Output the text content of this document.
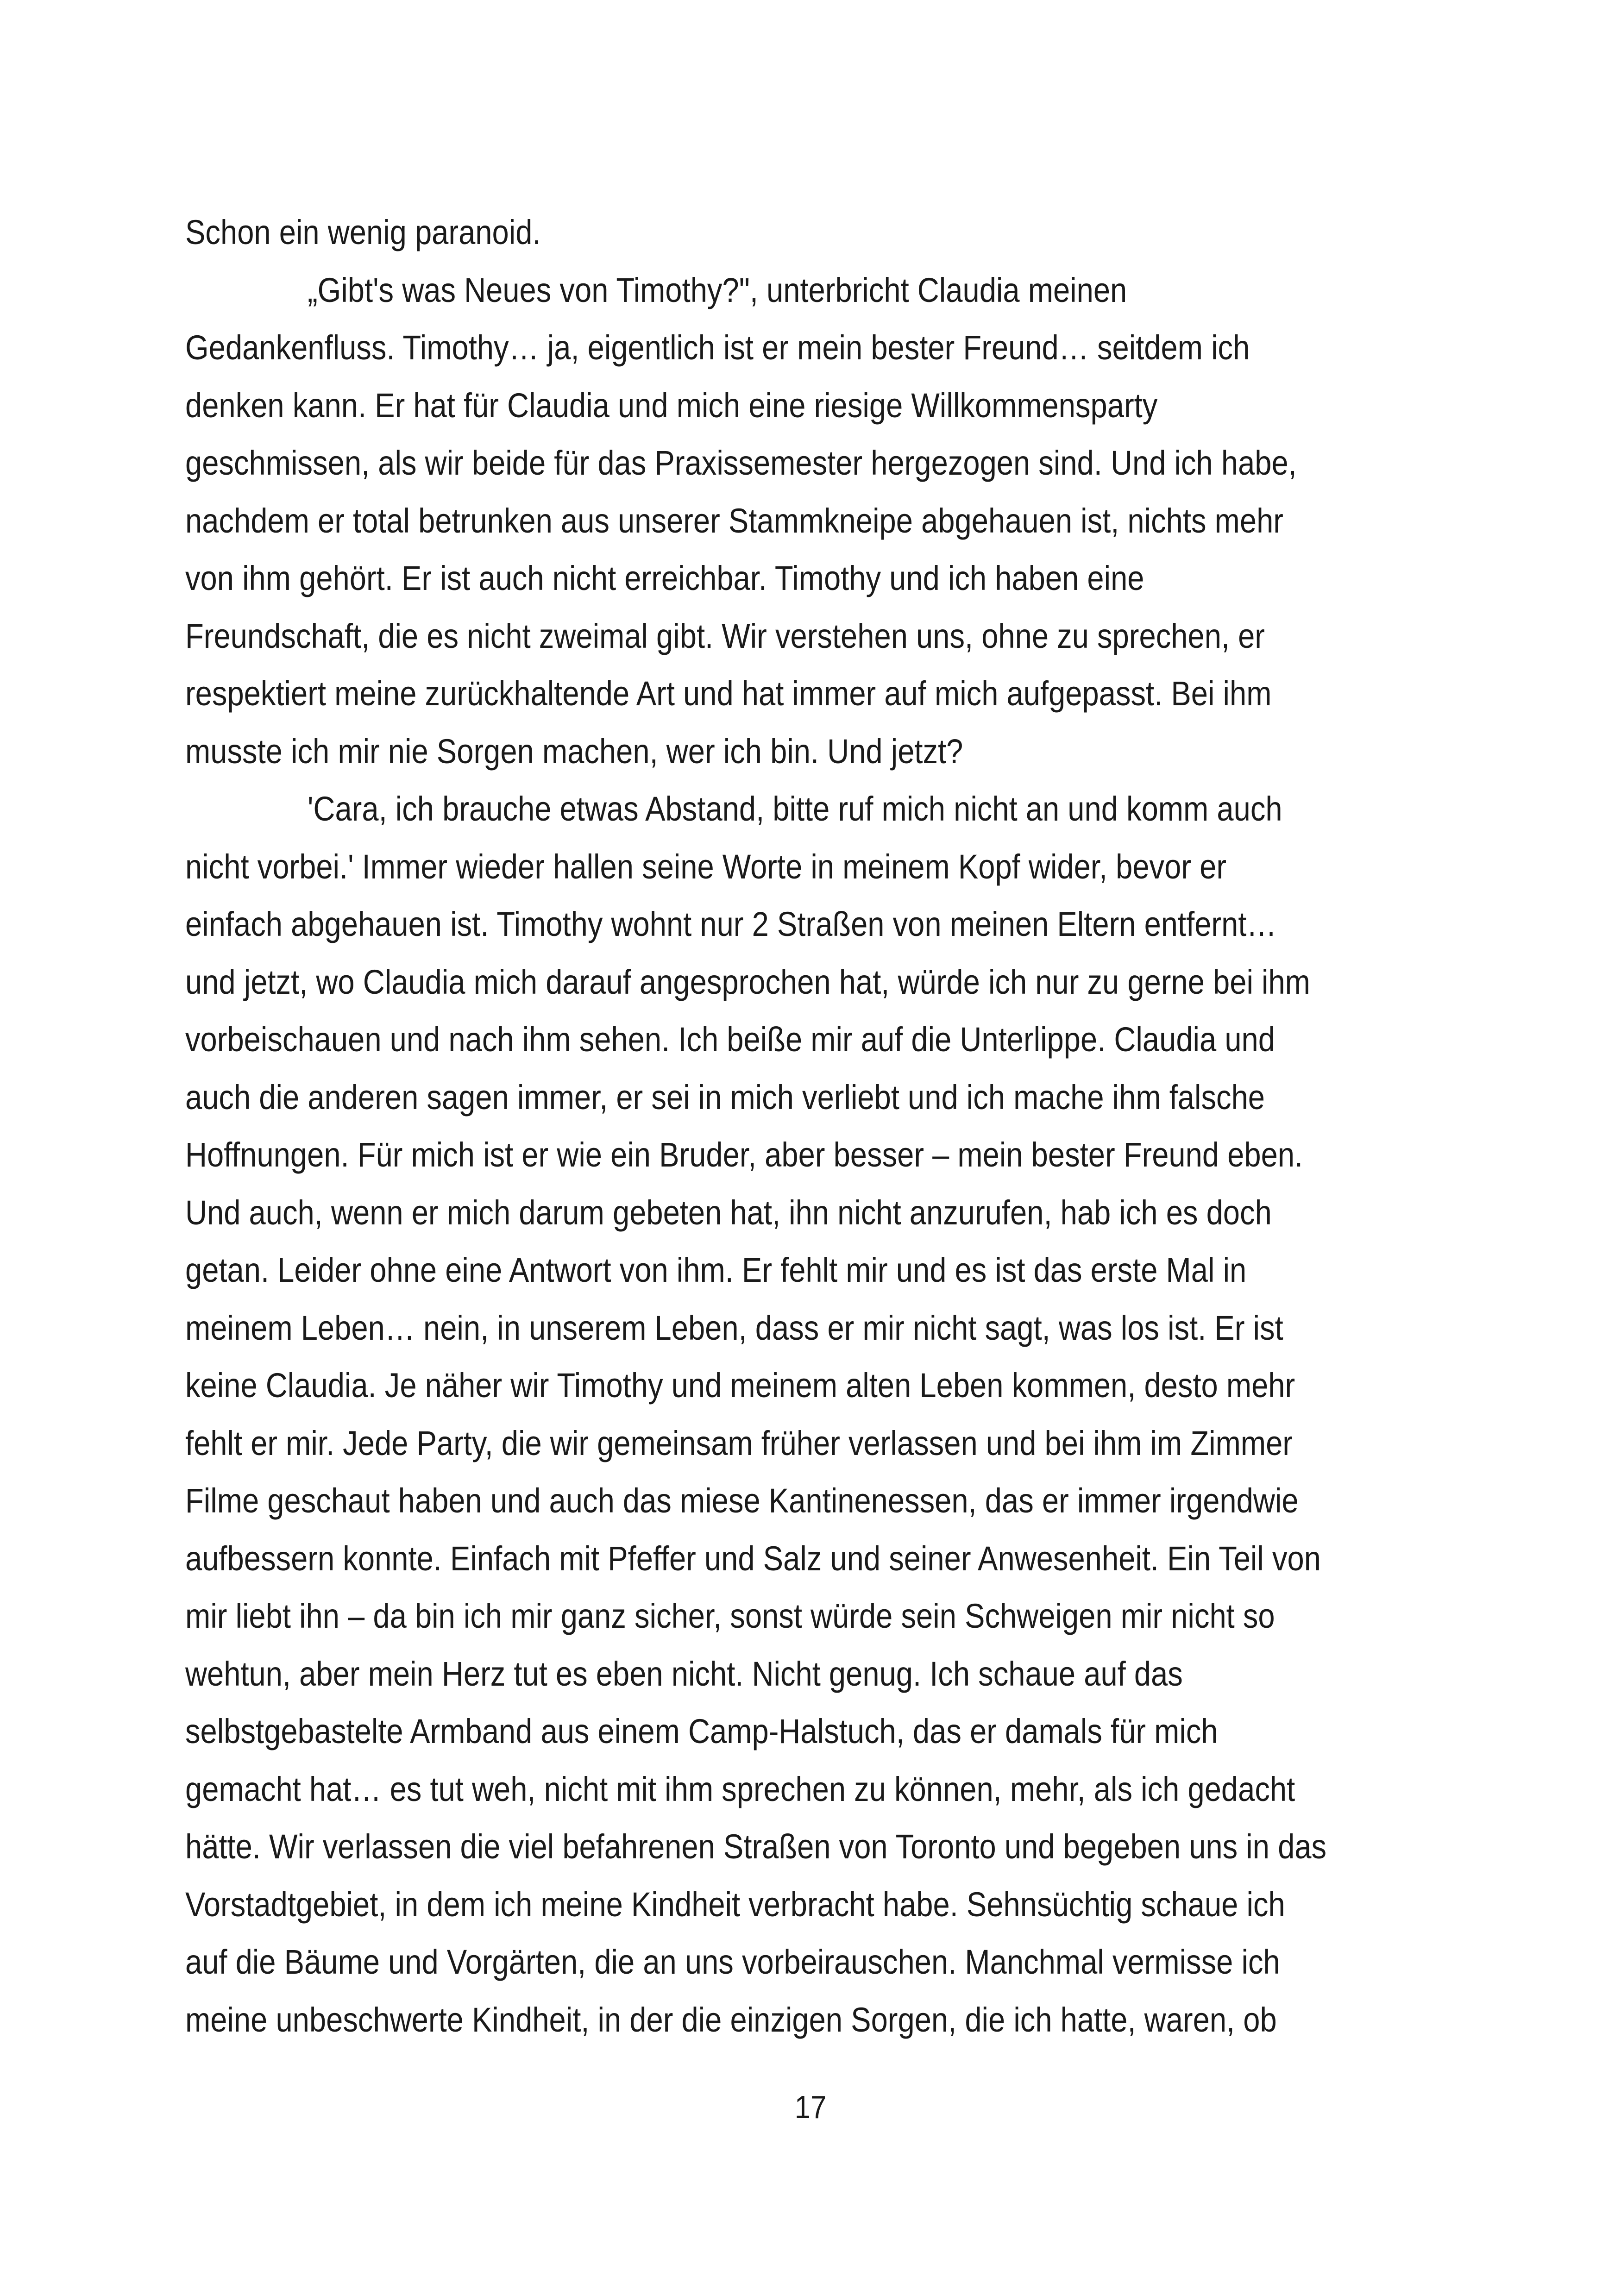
Schon ein wenig paranoid.
„Gibt's was Neues von Timothy?", unterbricht Claudia meinen
Gedankenfluss. Timothy… ja, eigentlich ist er mein bester Freund… seitdem ich
denken kann. Er hat für Claudia und mich eine riesige Willkommensparty
geschmissen, als wir beide für das Praxissemester hergezogen sind. Und ich habe,
nachdem er total betrunken aus unserer Stammkneipe abgehauen ist, nichts mehr
von ihm gehört. Er ist auch nicht erreichbar. Timothy und ich haben eine
Freundschaft, die es nicht zweimal gibt. Wir verstehen uns, ohne zu sprechen, er
respektiert meine zurückhaltende Art und hat immer auf mich aufgepasst. Bei ihm
musste ich mir nie Sorgen machen, wer ich bin. Und jetzt?
'Cara, ich brauche etwas Abstand, bitte ruf mich nicht an und komm auch
nicht vorbei.' Immer wieder hallen seine Worte in meinem Kopf wider, bevor er
einfach abgehauen ist. Timothy wohnt nur 2 Straßen von meinen Eltern entfernt…
und jetzt, wo Claudia mich darauf angesprochen hat, würde ich nur zu gerne bei ihm
vorbeischauen und nach ihm sehen. Ich beiße mir auf die Unterlippe. Claudia und
auch die anderen sagen immer, er sei in mich verliebt und ich mache ihm falsche
Hoffnungen. Für mich ist er wie ein Bruder, aber besser – mein bester Freund eben.
Und auch, wenn er mich darum gebeten hat, ihn nicht anzurufen, hab ich es doch
getan. Leider ohne eine Antwort von ihm. Er fehlt mir und es ist das erste Mal in
meinem Leben… nein, in unserem Leben, dass er mir nicht sagt, was los ist. Er ist
keine Claudia. Je näher wir Timothy und meinem alten Leben kommen, desto mehr
fehlt er mir. Jede Party, die wir gemeinsam früher verlassen und bei ihm im Zimmer
Filme geschaut haben und auch das miese Kantinenessen, das er immer irgendwie
aufbessern konnte. Einfach mit Pfeffer und Salz und seiner Anwesenheit. Ein Teil von
mir liebt ihn – da bin ich mir ganz sicher, sonst würde sein Schweigen mir nicht so
wehtun, aber mein Herz tut es eben nicht. Nicht genug. Ich schaue auf das
selbstgebastelte Armband aus einem Camp-Halstuch, das er damals für mich
gemacht hat… es tut weh, nicht mit ihm sprechen zu können, mehr, als ich gedacht
hätte. Wir verlassen die viel befahrenen Straßen von Toronto und begeben uns in das
Vorstadtgebiet, in dem ich meine Kindheit verbracht habe. Sehnsüchtig schaue ich
auf die Bäume und Vorgärten, die an uns vorbeirauschen. Manchmal vermisse ich
meine unbeschwerte Kindheit, in der die einzigen Sorgen, die ich hatte, waren, ob
17
